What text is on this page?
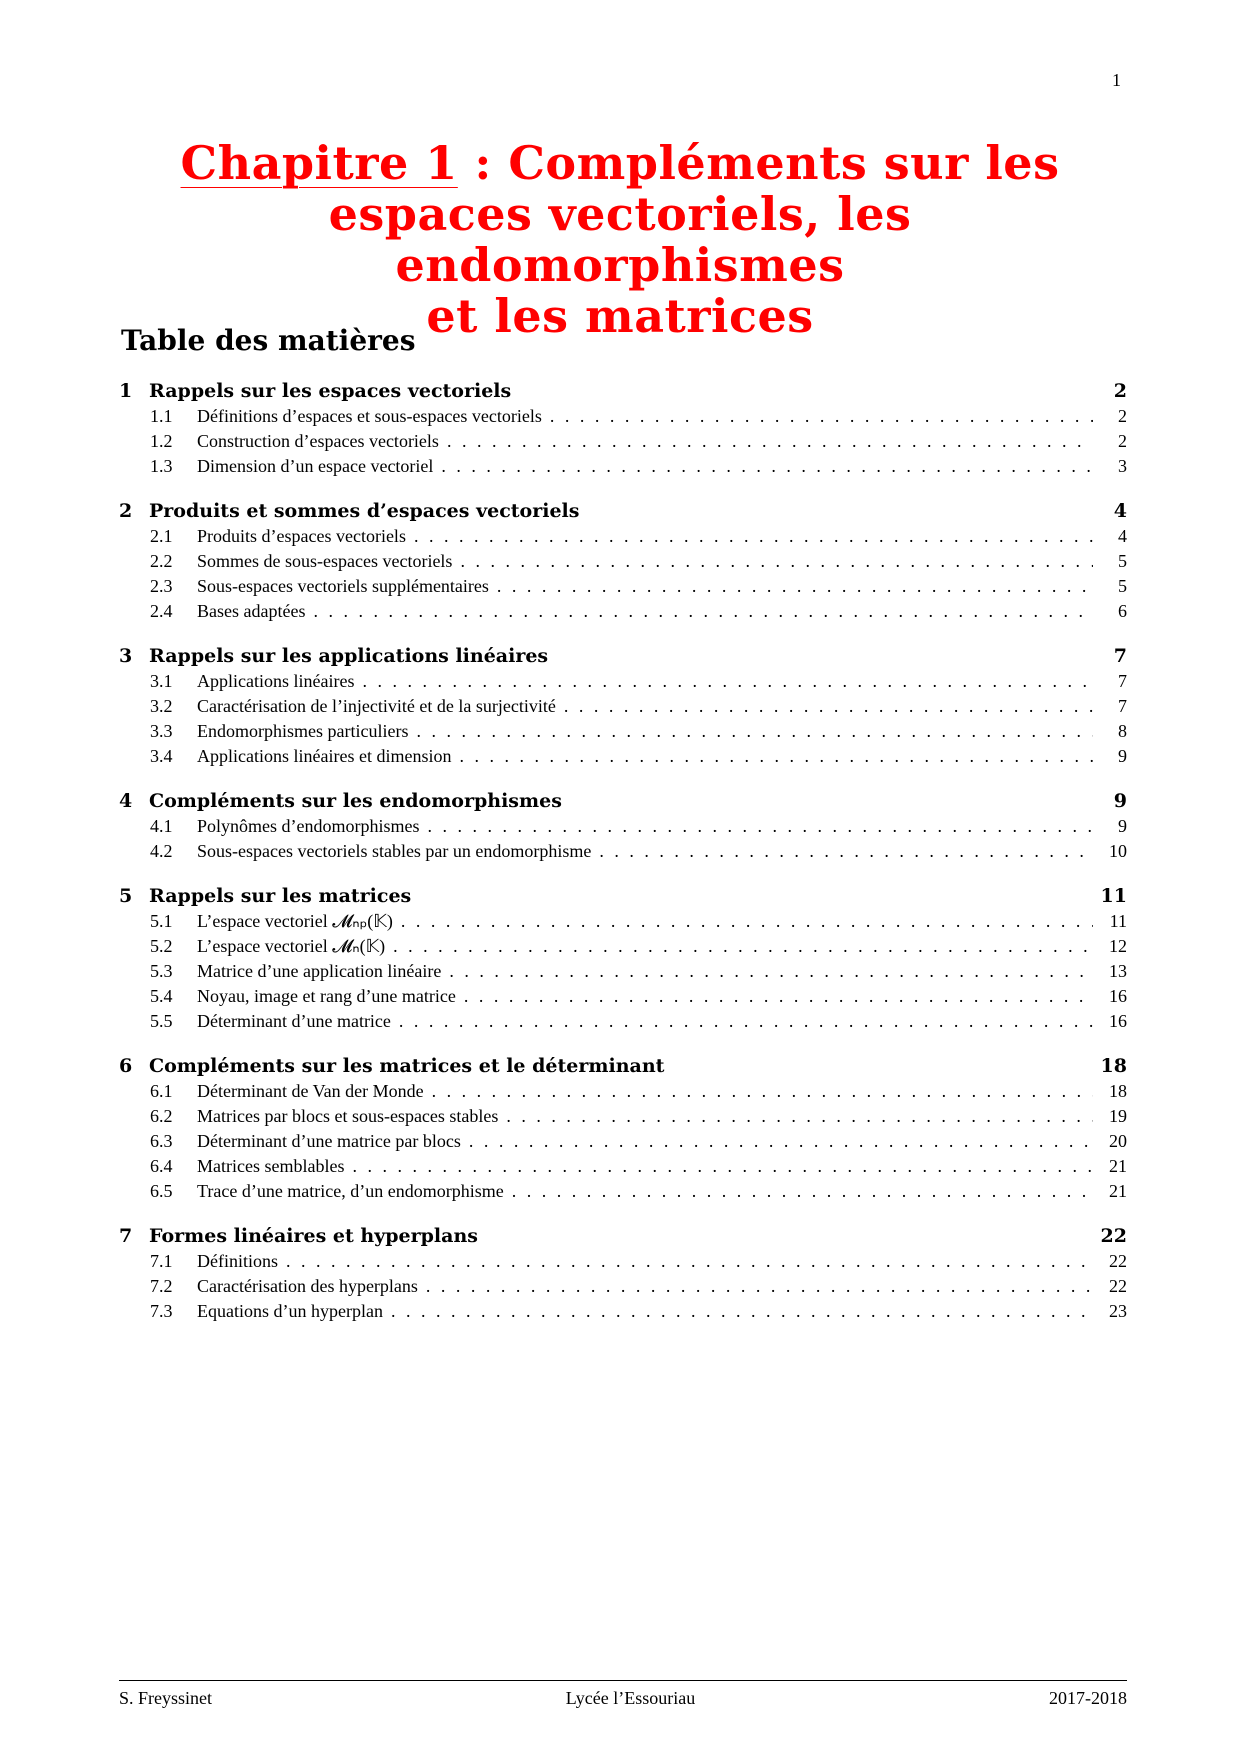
1
Chapitre 1 : Compléments sur les
espaces vectoriels, les endomorphismes
et les matrices
Table des matières
1 Rappels sur les espaces vectoriels	2
1.1	Définitions d’espaces et sous-espaces vectoriels . . .	2
1.2	Construction d’espaces vectoriels . . .	2
1.3	Dimension d’un espace vectoriel . . .	3
2 Produits et sommes d’espaces vectoriels	4
2.1	Produits d’espaces vectoriels . . .	4
2.2	Sommes de sous-espaces vectoriels . . .	5
2.3	Sous-espaces vectoriels supplémentaires . . .	5
2.4	Bases adaptées . . .	6
3 Rappels sur les applications linéaires	7
3.1	Applications linéaires . . .	7
3.2	Caractérisation de l’injectivité et de la surjectivité . . .	7
3.3	Endomorphismes particuliers . . .	8
3.4	Applications linéaires et dimension . . .	9
4 Compléments sur les endomorphismes	9
4.1	Polynômes d’endomorphismes . . .	9
4.2	Sous-espaces vectoriels stables par un endomorphisme . . .	10
5 Rappels sur les matrices	11
5.1	L’espace vectoriel 𝓜ₙₚ(𝕂) . . .	11
5.2	L’espace vectoriel 𝓜ₙ(𝕂) . . .	12
5.3	Matrice d’une application linéaire . . .	13
5.4	Noyau, image et rang d’une matrice . . .	16
5.5	Déterminant d’une matrice . . .	16
6 Compléments sur les matrices et le déterminant	18
6.1	Déterminant de Van der Monde . . .	18
6.2	Matrices par blocs et sous-espaces stables . . .	19
6.3	Déterminant d’une matrice par blocs . . .	20
6.4	Matrices semblables . . .	21
6.5	Trace d’une matrice, d’un endomorphisme . . .	21
7 Formes linéaires et hyperplans	22
7.1	Définitions . . .	22
7.2	Caractérisation des hyperplans . . .	22
7.3	Equations d’un hyperplan . . .	23
S. Freyssinet	Lycée l’Essouriau	2017-2018
